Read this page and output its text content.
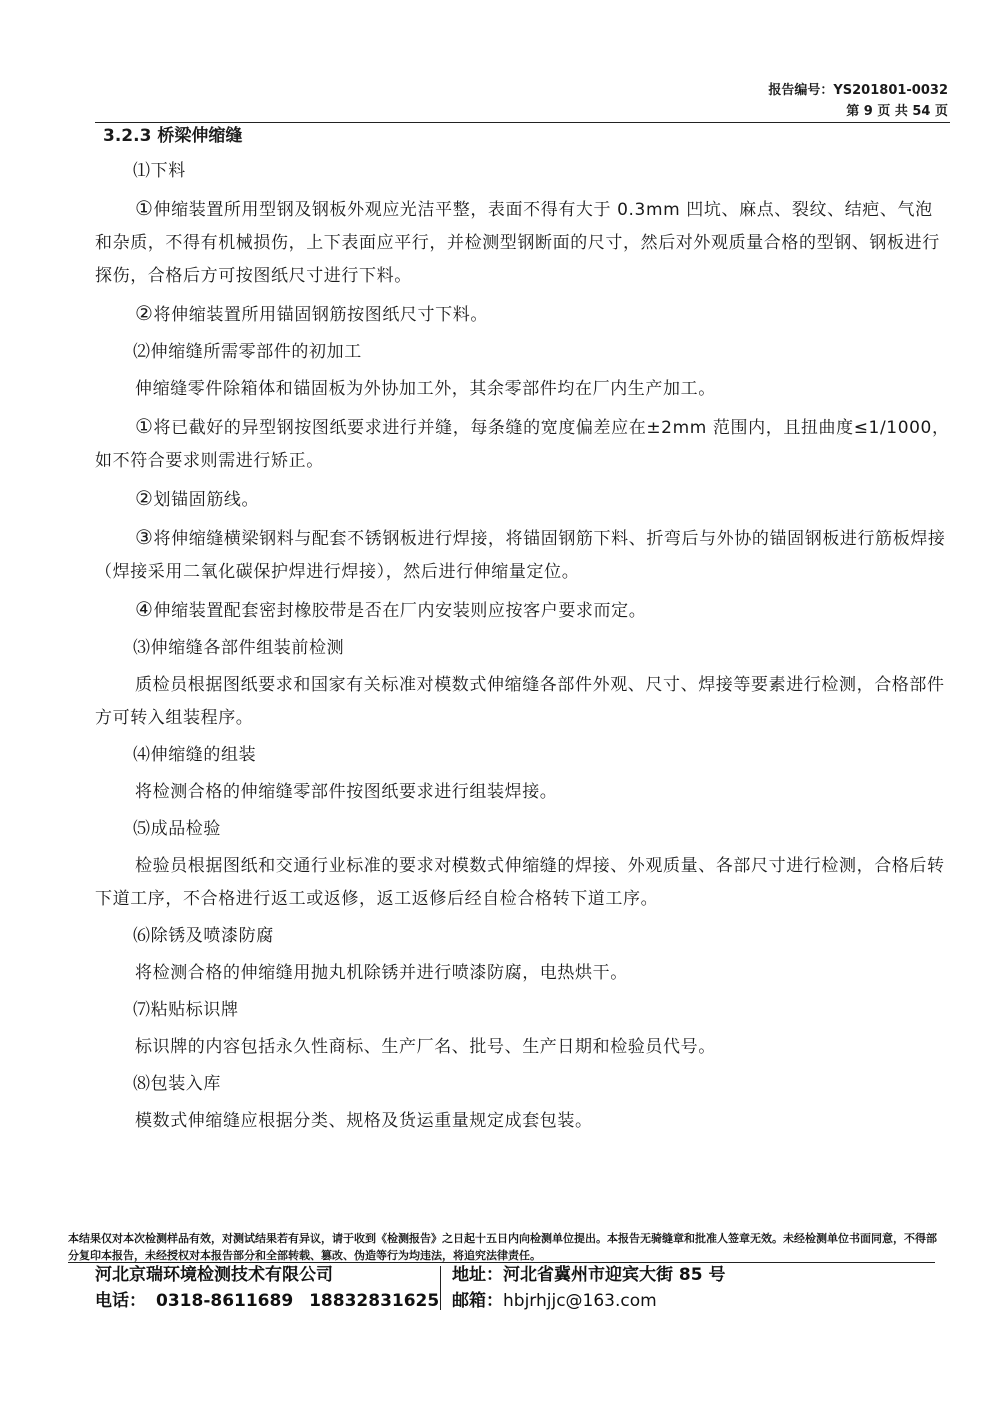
报告编号：YS201801-0032
第 9 页 共 54 页
3.2.3 桥梁伸缩缝

⑴下料

①伸缩装置所用型钢及钢板外观应光洁平整，表面不得有大于 0.3mm 凹坑、麻点、裂纹、结疤、气泡和杂质，不得有机械损伤，上下表面应平行，并检测型钢断面的尺寸，然后对外观质量合格的型钢、钢板进行探伤，合格后方可按图纸尺寸进行下料。

②将伸缩装置所用锚固钢筋按图纸尺寸下料。

⑵伸缩缝所需零部件的初加工

伸缩缝零件除箱体和锚固板为外协加工外，其余零部件均在厂内生产加工。

①将已截好的异型钢按图纸要求进行并缝，每条缝的宽度偏差应在±2mm 范围内，且扭曲度≤1/1000，如不符合要求则需进行矫正。

②划锚固筋线。

③将伸缩缝横梁钢料与配套不锈钢板进行焊接，将锚固钢筋下料、折弯后与外协的锚固钢板进行筋板焊接（焊接采用二氧化碳保护焊进行焊接），然后进行伸缩量定位。

④伸缩装置配套密封橡胶带是否在厂内安装则应按客户要求而定。

⑶伸缩缝各部件组装前检测

质检员根据图纸要求和国家有关标准对模数式伸缩缝各部件外观、尺寸、焊接等要素进行检测，合格部件方可转入组装程序。

⑷伸缩缝的组装

将检测合格的伸缩缝零部件按图纸要求进行组装焊接。

⑸成品检验

检验员根据图纸和交通行业标准的要求对模数式伸缩缝的焊接、外观质量、各部尺寸进行检测，合格后转下道工序，不合格进行返工或返修，返工返修后经自检合格转下道工序。

⑹除锈及喷漆防腐

将检测合格的伸缩缝用抛丸机除锈并进行喷漆防腐，电热烘干。

⑺粘贴标识牌

标识牌的内容包括永久性商标、生产厂名、批号、生产日期和检验员代号。

⑻包装入库

模数式伸缩缝应根据分类、规格及货运重量规定成套包装。

本结果仅对本次检测样品有效，对测试结果若有异议，请于收到《检测报告》之日起十五日内向检测单位提出。本报告无骑缝章和批准人签章无效。未经检测单位书面同意，不得部分复印本报告，未经授权对本报告部分和全部转载、篡改、伪造等行为均违法，将追究法律责任。
河北京瑞环境检测技术有限公司
电话： 0318-8611689 18832831625
地址：河北省冀州市迎宾大街 85 号
邮箱：hbjrhjjc@163.com
